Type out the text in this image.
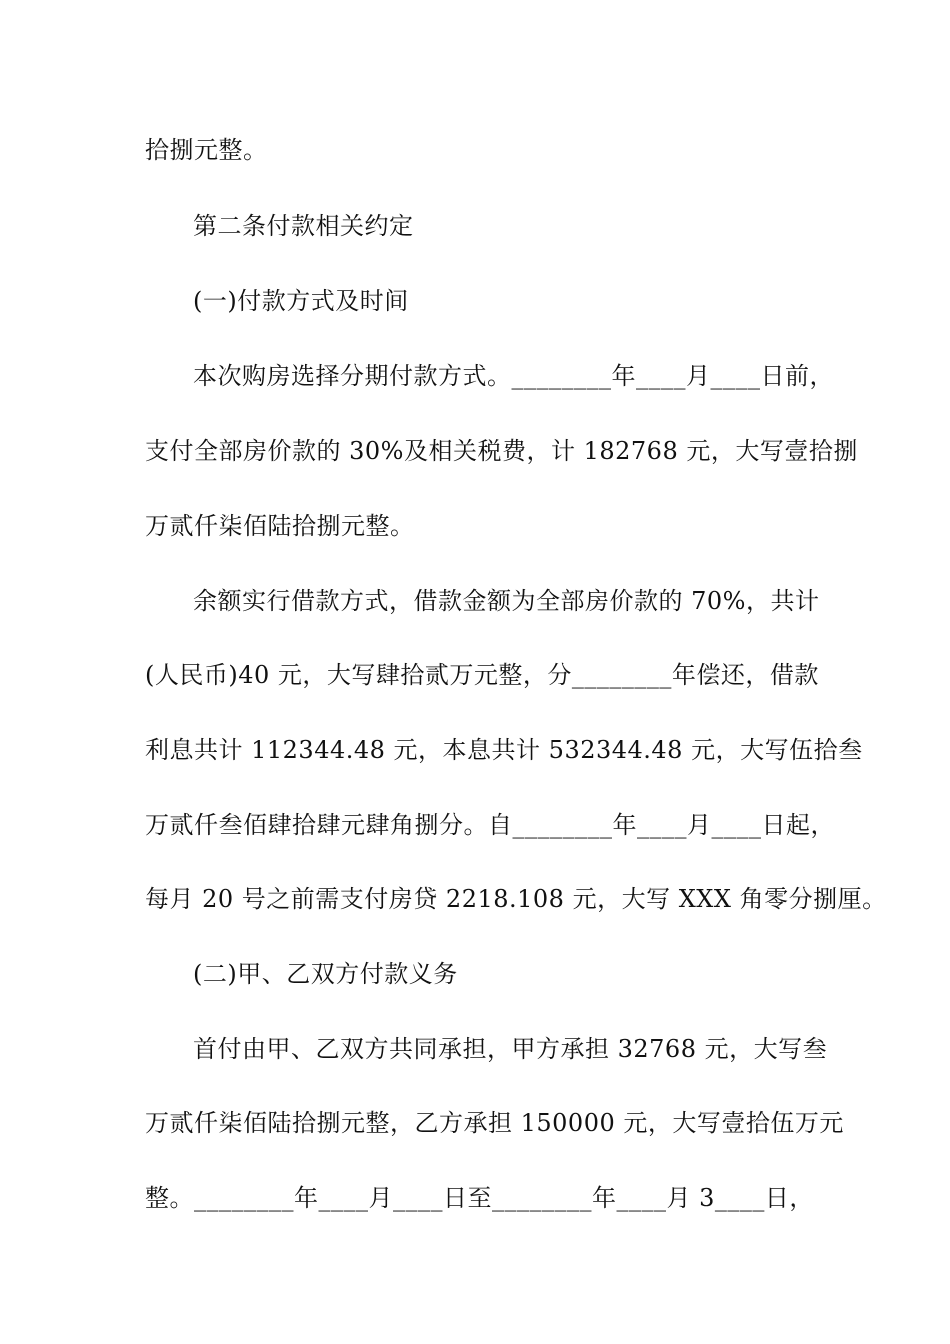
拾捌元整。
第二条付款相关约定
(一)付款方式及时间
本次购房选择分期付款方式。________年____月____日前，
支付全部房价款的 30%及相关税费，计 182768 元，大写壹拾捌
万贰仟柒佰陆拾捌元整。
余额实行借款方式，借款金额为全部房价款的 70%，共计
(人民币)40 元，大写肆拾贰万元整，分________年偿还，借款
利息共计 112344.48 元，本息共计 532344.48 元，大写伍拾叁
万贰仟叁佰肆拾肆元肆角捌分。自________年____月____日起，
每月 20 号之前需支付房贷 2218.108 元，大写 XXX 角零分捌厘。
(二)甲、乙双方付款义务
首付由甲、乙双方共同承担，甲方承担 32768 元，大写叁
万贰仟柒佰陆拾捌元整，乙方承担 150000 元，大写壹拾伍万元
整。________年____月____日至________年____月 3____日，
